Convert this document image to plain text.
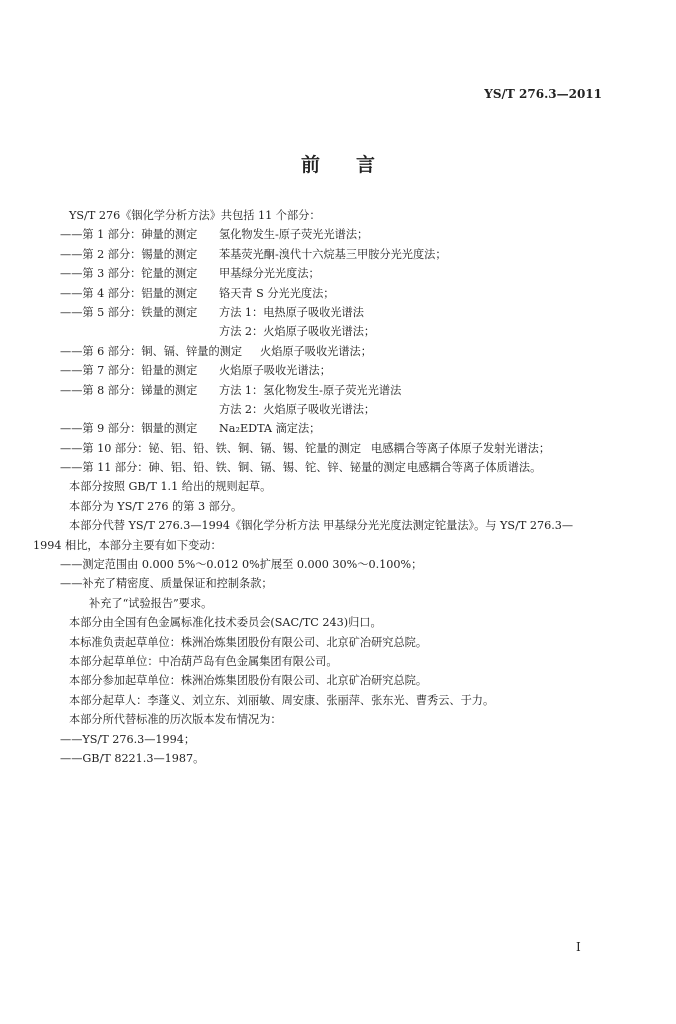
YS/T 276.3—2011
前言
YS/T 276《铟化学分析方法》共包括 11 个部分：
——第 1 部分：砷量的测定 氢化物发生-原子荧光光谱法；
——第 2 部分：锡量的测定 苯基荧光酮-溴代十六烷基三甲胺分光光度法；
——第 3 部分：铊量的测定 甲基绿分光光度法；
——第 4 部分：铝量的测定 铬天青 S 分光光度法；
——第 5 部分：铁量的测定 方法 1：电热原子吸收光谱法
方法 2：火焰原子吸收光谱法；
——第 6 部分：铜、镉、锌量的测定 火焰原子吸收光谱法；
——第 7 部分：铅量的测定 火焰原子吸收光谱法；
——第 8 部分：锑量的测定 方法 1：氢化物发生-原子荧光光谱法
方法 2：火焰原子吸收光谱法；
——第 9 部分：铟量的测定 Na₂EDTA 滴定法；
——第 10 部分：铋、铝、铅、铁、铜、镉、锡、铊量的测定 电感耦合等离子体原子发射光谱法；
——第 11 部分：砷、铝、铅、铁、铜、镉、锡、铊、锌、铋量的测定 电感耦合等离子体质谱法。
本部分按照 GB/T 1.1 给出的规则起草。
本部分为 YS/T 276 的第 3 部分。
本部分代替 YS/T 276.3—1994《铟化学分析方法 甲基绿分光光度法测定铊量法》。与 YS/T 276.3—
1994 相比，本部分主要有如下变动：
——测定范围由 0.000 5%～0.012 0%扩展至 0.000 30%～0.100%；
——补充了精密度、质量保证和控制条款；
补充了“试验报告”要求。
本部分由全国有色金属标准化技术委员会(SAC/TC 243)归口。
本标准负责起草单位：株洲冶炼集团股份有限公司、北京矿冶研究总院。
本部分起草单位：中冶葫芦岛有色金属集团有限公司。
本部分参加起草单位：株洲冶炼集团股份有限公司、北京矿冶研究总院。
本部分起草人：李蓬义、刘立东、刘丽敏、周安康、张丽萍、张东光、曹秀云、于力。
本部分所代替标准的历次版本发布情况为：
——YS/T 276.3—1994；
——GB/T 8221.3—1987。
I
